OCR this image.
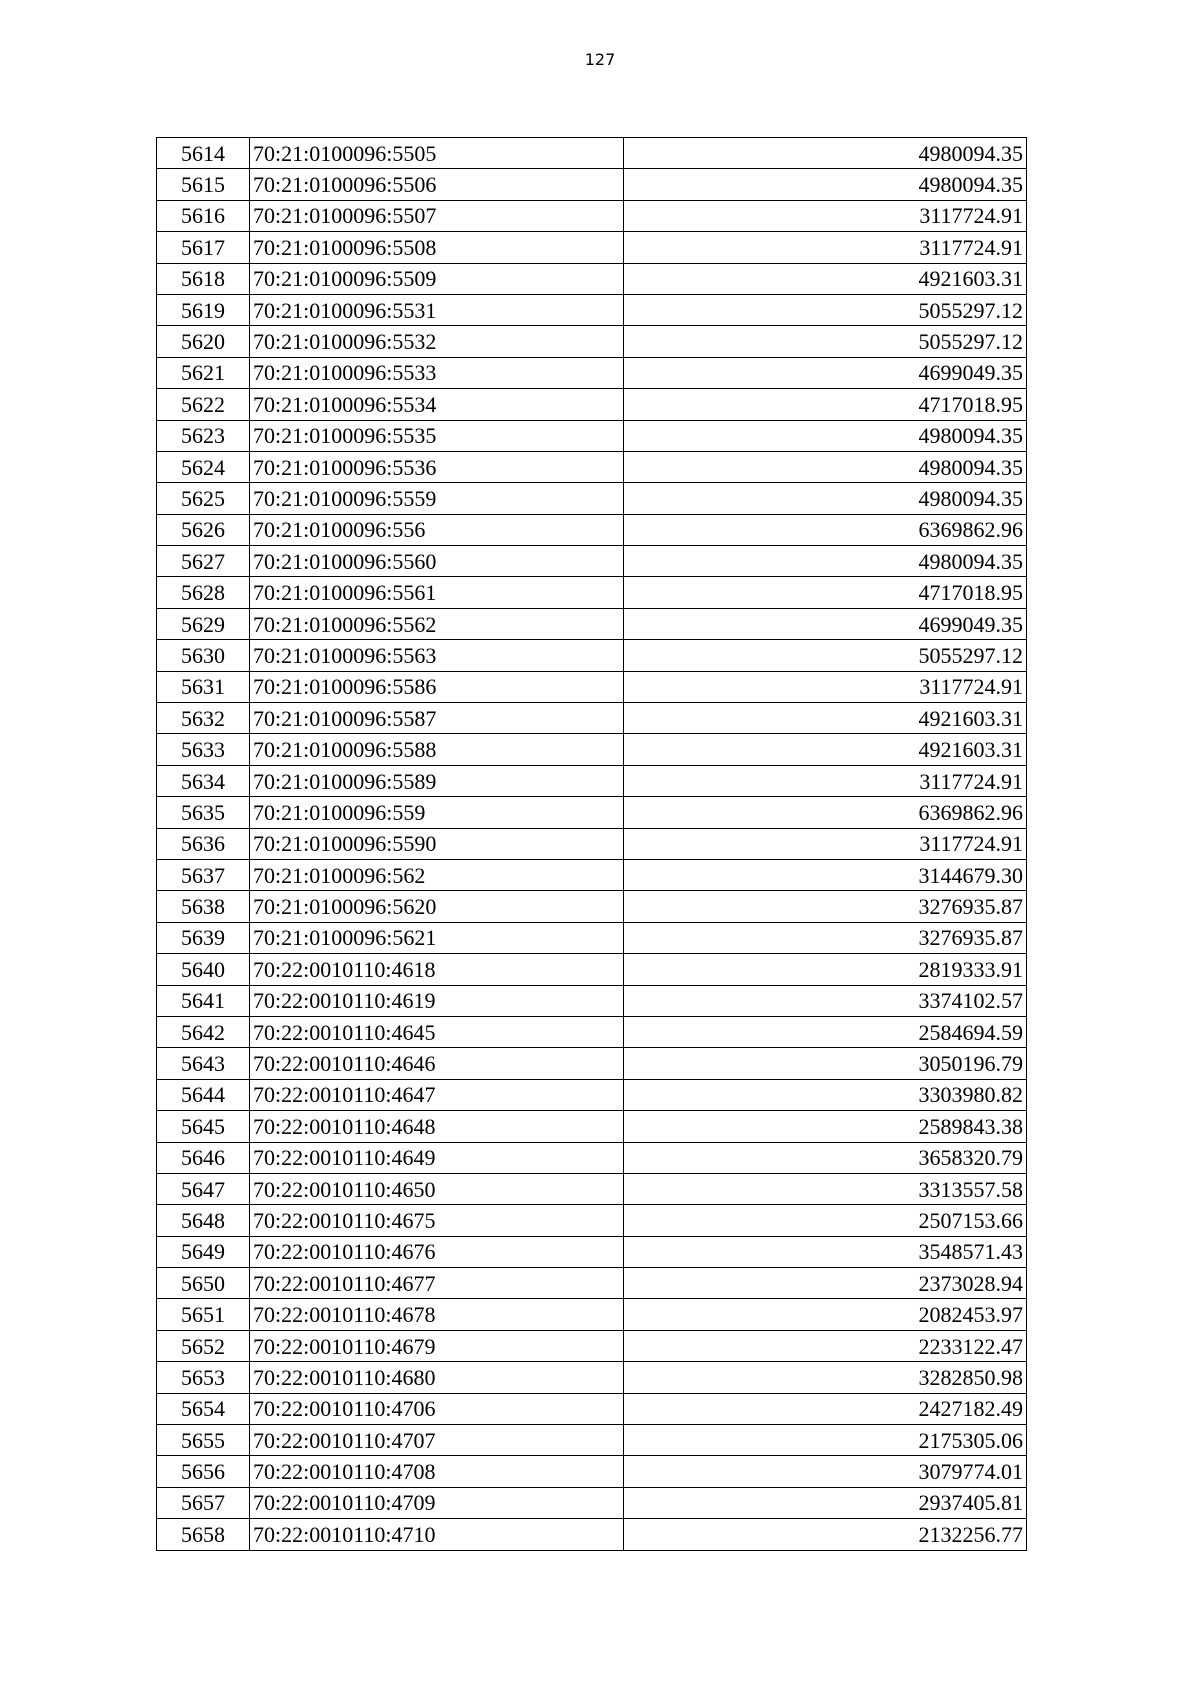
127
5614	70:21:0100096:5505	4980094.35
5615	70:21:0100096:5506	4980094.35
5616	70:21:0100096:5507	3117724.91
5617	70:21:0100096:5508	3117724.91
5618	70:21:0100096:5509	4921603.31
5619	70:21:0100096:5531	5055297.12
5620	70:21:0100096:5532	5055297.12
5621	70:21:0100096:5533	4699049.35
5622	70:21:0100096:5534	4717018.95
5623	70:21:0100096:5535	4980094.35
5624	70:21:0100096:5536	4980094.35
5625	70:21:0100096:5559	4980094.35
5626	70:21:0100096:556	6369862.96
5627	70:21:0100096:5560	4980094.35
5628	70:21:0100096:5561	4717018.95
5629	70:21:0100096:5562	4699049.35
5630	70:21:0100096:5563	5055297.12
5631	70:21:0100096:5586	3117724.91
5632	70:21:0100096:5587	4921603.31
5633	70:21:0100096:5588	4921603.31
5634	70:21:0100096:5589	3117724.91
5635	70:21:0100096:559	6369862.96
5636	70:21:0100096:5590	3117724.91
5637	70:21:0100096:562	3144679.30
5638	70:21:0100096:5620	3276935.87
5639	70:21:0100096:5621	3276935.87
5640	70:22:0010110:4618	2819333.91
5641	70:22:0010110:4619	3374102.57
5642	70:22:0010110:4645	2584694.59
5643	70:22:0010110:4646	3050196.79
5644	70:22:0010110:4647	3303980.82
5645	70:22:0010110:4648	2589843.38
5646	70:22:0010110:4649	3658320.79
5647	70:22:0010110:4650	3313557.58
5648	70:22:0010110:4675	2507153.66
5649	70:22:0010110:4676	3548571.43
5650	70:22:0010110:4677	2373028.94
5651	70:22:0010110:4678	2082453.97
5652	70:22:0010110:4679	2233122.47
5653	70:22:0010110:4680	3282850.98
5654	70:22:0010110:4706	2427182.49
5655	70:22:0010110:4707	2175305.06
5656	70:22:0010110:4708	3079774.01
5657	70:22:0010110:4709	2937405.81
5658	70:22:0010110:4710	2132256.77
